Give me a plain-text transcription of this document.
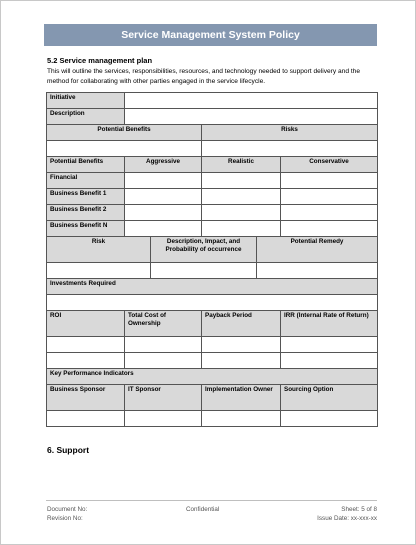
Service Management System Policy
5.2 Service management plan
This will outline the services, responsibilities, resources, and technology needed to support delivery and the method for collaborating with other parties engaged in the service lifecycle.
Initiative		
Description		
Potential Benefits		Risks

Potential Benefits	Aggressive	Realistic	Conservative
Financial			
Business Benefit 1			
Business Benefit 2			
Business Benefit N			
Risk	Description, Impact, and Probability of occurrence	Potential Remedy

Investments Required			

ROI	Total Cost of Ownership	Payback Period	IRR (Internal Rate of Return)

Key Performance Indicators			
Business Sponsor	IT Sponsor	Implementation Owner	Sourcing Option

6. Support
Document No:
Revision No:
Confidential	Sheet: 5 of 8
Issue Date: xx-xxx-xx
